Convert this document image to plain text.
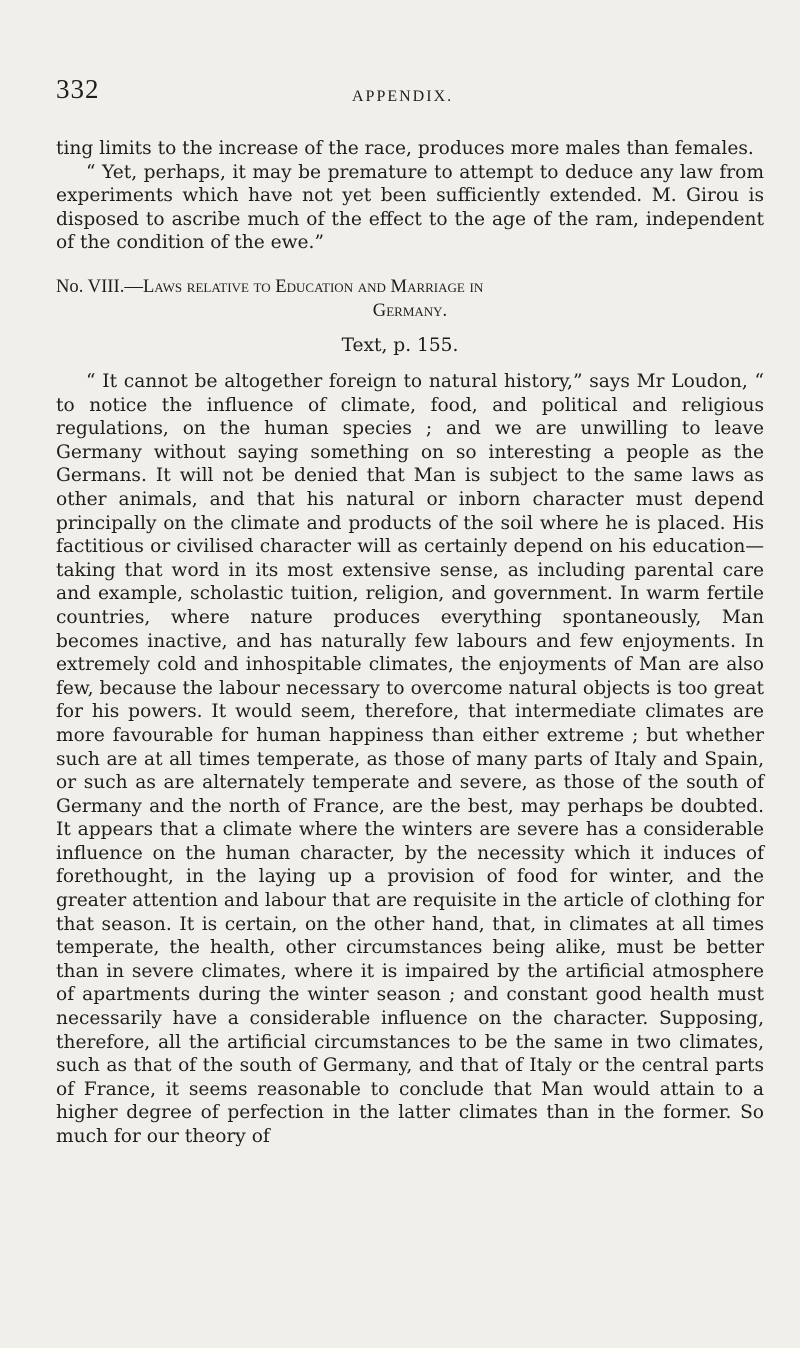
332	APPENDIX.

ting limits to the increase of the race, produces more males than females.

“ Yet, perhaps, it may be premature to attempt to deduce any law from experiments which have not yet been sufficiently extended. M. Girou is disposed to ascribe much of the effect to the age of the ram, independent of the condition of the ewe.”

No. VIII.—Laws relative to Education and Marriage in
Germany.
Text, p. 155.

“ It cannot be altogether foreign to natural history,” says Mr Loudon, “ to notice the influence of climate, food, and political and religious regulations, on the human species ; and we are unwilling to leave Germany without saying something on so interesting a people as the Germans. It will not be denied that Man is subject to the same laws as other animals, and that his natural or inborn character must depend principally on the climate and products of the soil where he is placed. His factitious or civilised character will as certainly depend on his education—taking that word in its most extensive sense, as including parental care and example, scholastic tuition, religion, and government. In warm fertile countries, where nature produces everything spontaneously, Man becomes inactive, and has naturally few labours and few enjoyments. In extremely cold and inhospitable climates, the enjoyments of Man are also few, because the labour necessary to overcome natural objects is too great for his powers. It would seem, therefore, that intermediate climates are more favourable for human happiness than either extreme ; but whether such are at all times temperate, as those of many parts of Italy and Spain, or such as are alternately temperate and severe, as those of the south of Germany and the north of France, are the best, may perhaps be doubted. It appears that a climate where the winters are severe has a considerable influence on the human character, by the necessity which it induces of forethought, in the laying up a provision of food for winter, and the greater attention and labour that are requisite in the article of clothing for that season. It is certain, on the other hand, that, in climates at all times temperate, the health, other circumstances being alike, must be better than in severe climates, where it is impaired by the artificial atmosphere of apartments during the winter season ; and constant good health must necessarily have a considerable influence on the character. Supposing, therefore, all the artificial circumstances to be the same in two climates, such as that of the south of Germany, and that of Italy or the central parts of France, it seems reasonable to conclude that Man would attain to a higher degree of perfection in the latter climates than in the former. So much for our theory of
